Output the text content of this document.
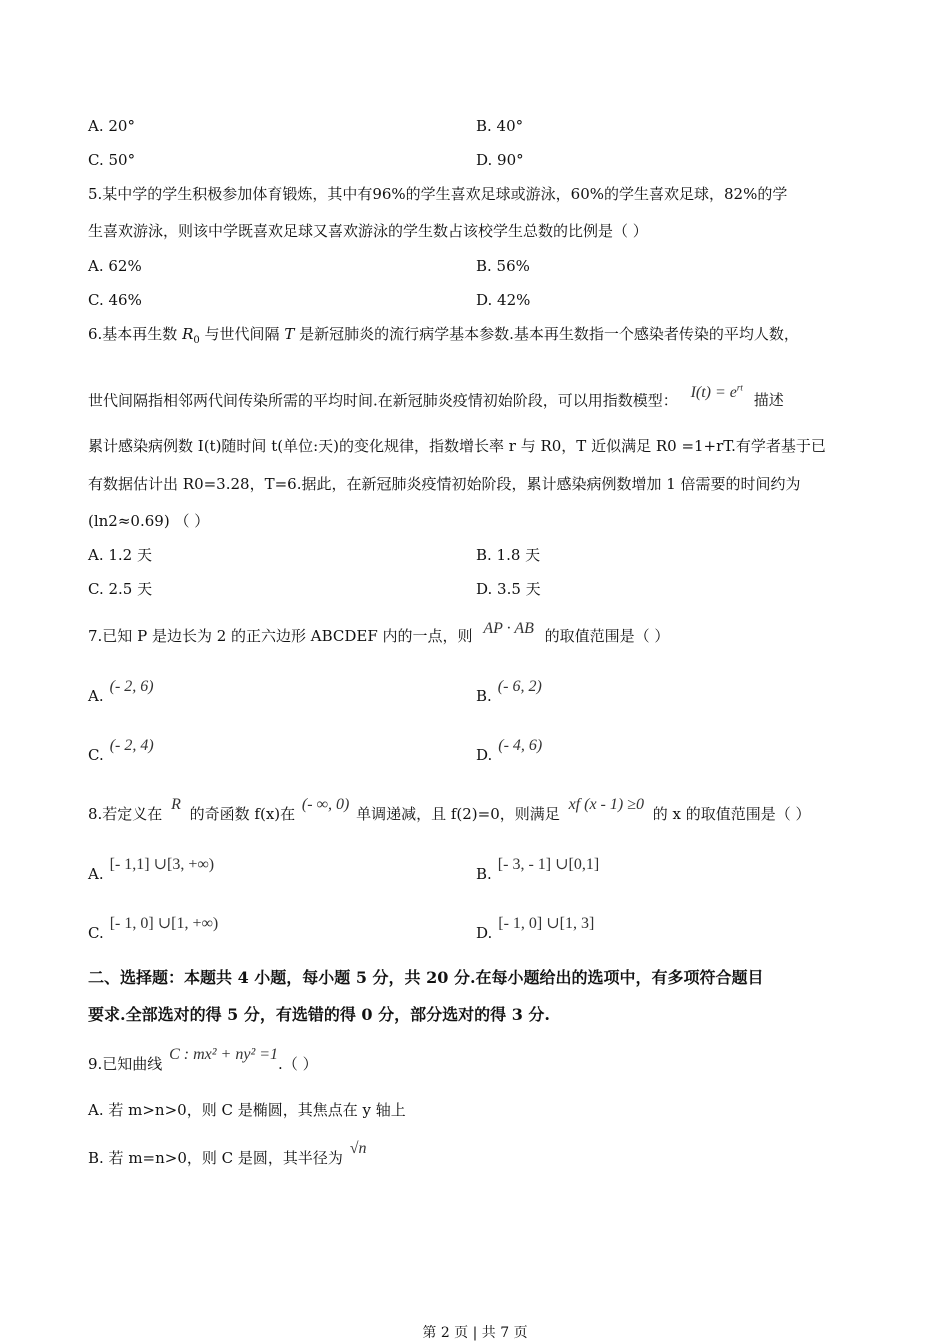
A. 20°	B. 40°
C. 50°	D. 90°
5.某中学的学生积极参加体育锻炼，其中有96%的学生喜欢足球或游泳，60%的学生喜欢足球，82%的学
生喜欢游泳，则该中学既喜欢足球又喜欢游泳的学生数占该校学生总数的比例是（ ）
A. 62%	B. 56%
C. 46%	D. 42%
6.基本再生数 $R_0$ 与世代间隔 T 是新冠肺炎的流行病学基本参数.基本再生数指一个感染者传染的平均人数，
世代间隔指相邻两代间传染所需的平均时间.在新冠肺炎疫情初始阶段，可以用指数模型： $I(t) = e^{rt}$ 描述
累计感染病例数 I(t)随时间 t(单位:天)的变化规律，指数增长率 r 与 R0，T 近似满足 R0 =1+rT.有学者基于已
有数据估计出 R0=3.28，T=6.据此，在新冠肺炎疫情初始阶段，累计感染病例数增加 1 倍需要的时间约为
(ln2≈0.69) （ ）
A. 1.2 天	B. 1.8 天
C. 2.5 天	D. 3.5 天
7.已知 P 是边长为 2 的正六边形 ABCDEF 内的一点，则 AP · AB 的取值范围是（ ）
A.(- 2, 6)
B.(- 6, 2)
C.(- 2, 4)
D.(- 4, 6)
8.若定义在 R 的奇函数 f(x)在 (- ∞, 0) 单调递减，且 f(2)=0，则满足 xf (x - 1) ≥0 的 x 的取值范围是（ ）
A.[- 1,1] ∪[3, +∞)
B.[- 3, - 1] ∪[0,1]
C.[- 1, 0] ∪[1, +∞)
D.[- 1, 0] ∪[1, 3]
二、选择题：本题共 4 小题，每小题 5 分，共 20 分.在每小题给出的选项中，有多项符合题目
要求.全部选对的得 5 分，有选错的得 0 分，部分选对的得 3 分.
9.已知曲线 C : mx² + ny² =1.（ ）
A. 若 m>n>0，则 C 是椭圆，其焦点在 y 轴上
B. 若 m=n>0，则 C 是圆，其半径为 √n
第 2 页 | 共 7 页
